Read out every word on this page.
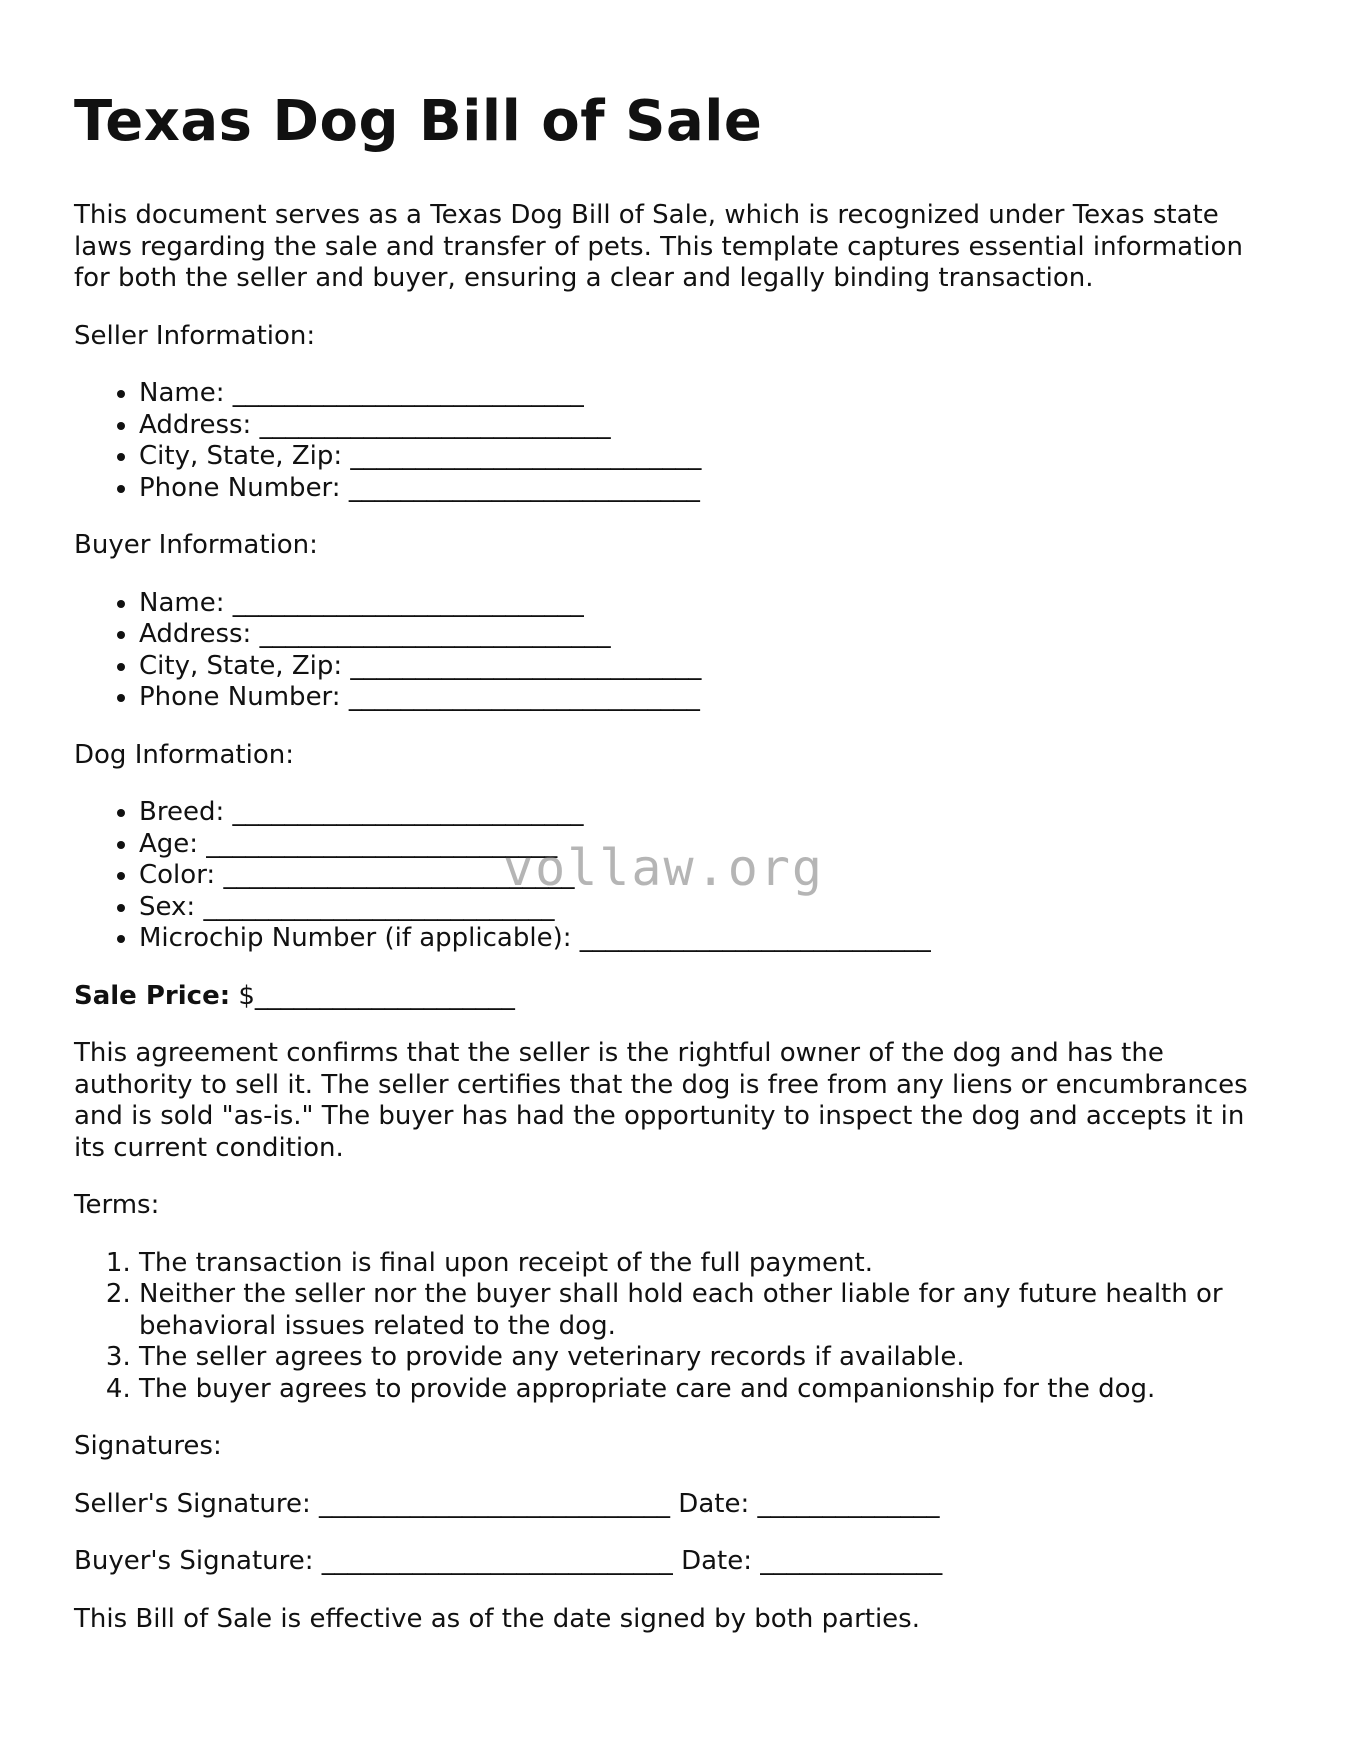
Texas Dog Bill of Sale

This document serves as a Texas Dog Bill of Sale, which is recognized under Texas state laws regarding the sale and transfer of pets. This template captures essential information for both the seller and buyer, ensuring a clear and legally binding transaction.

Seller Information:

• Name: ___________________________
• Address: ___________________________
• City, State, Zip: ___________________________
• Phone Number: ___________________________

Buyer Information:

• Name: ___________________________
• Address: ___________________________
• City, State, Zip: ___________________________
• Phone Number: ___________________________

Dog Information:

• Breed: ___________________________
• Age: ___________________________
• Color: ___________________________
• Sex: ___________________________
• Microchip Number (if applicable): ___________________________

Sale Price: $____________________

This agreement confirms that the seller is the rightful owner of the dog and has the authority to sell it. The seller certifies that the dog is free from any liens or encumbrances and is sold "as-is." The buyer has had the opportunity to inspect the dog and accepts it in its current condition.

Terms:

1. The transaction is final upon receipt of the full payment.
2. Neither the seller nor the buyer shall hold each other liable for any future health or behavioral issues related to the dog.
3. The seller agrees to provide any veterinary records if available.
4. The buyer agrees to provide appropriate care and companionship for the dog.

Signatures:

Seller's Signature: ___________________________ Date: ______________

Buyer's Signature: ___________________________ Date: ______________

This Bill of Sale is effective as of the date signed by both parties.

vollaw.org
